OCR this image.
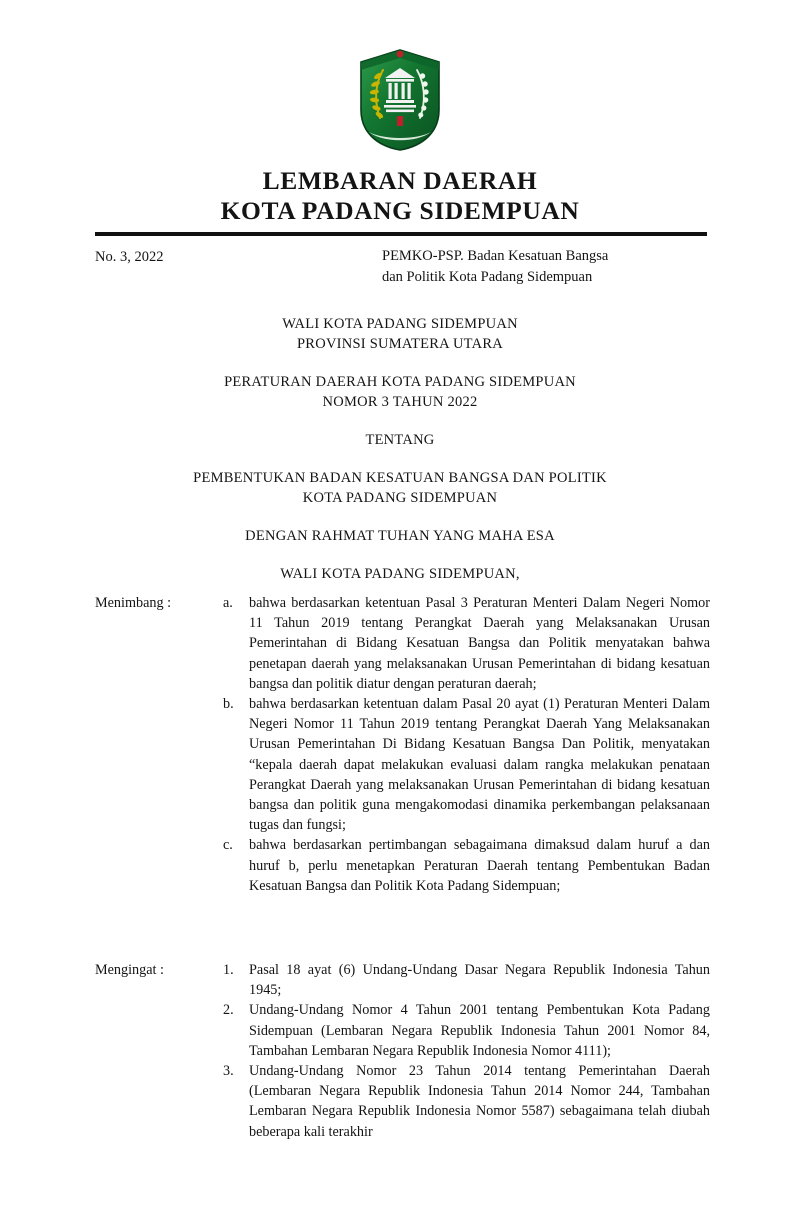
LEMBARAN DAERAH
KOTA PADANG SIDEMPUAN
No. 3, 2022	PEMKO-PSP. Badan Kesatuan Bangsa
dan Politik Kota Padang Sidempuan
WALI KOTA PADANG SIDEMPUAN
PROVINSI SUMATERA UTARA
PERATURAN DAERAH KOTA PADANG SIDEMPUAN
NOMOR 3 TAHUN 2022
TENTANG
PEMBENTUKAN BADAN KESATUAN BANGSA DAN POLITIK
KOTA PADANG SIDEMPUAN
DENGAN RAHMAT TUHAN YANG MAHA ESA
WALI KOTA PADANG SIDEMPUAN,
Menimbang :	a.	bahwa berdasarkan ketentuan Pasal 3 Peraturan Menteri Dalam Negeri Nomor 11 Tahun 2019 tentang Perangkat Daerah yang Melaksanakan Urusan Pemerintahan di Bidang Kesatuan Bangsa dan Politik menyatakan bahwa penetapan daerah yang melaksanakan Urusan Pemerintahan di bidang kesatuan bangsa dan politik diatur dengan peraturan daerah;
b.	bahwa berdasarkan ketentuan dalam Pasal 20 ayat (1) Peraturan Menteri Dalam Negeri Nomor 11 Tahun 2019 tentang Perangkat Daerah Yang Melaksanakan Urusan Pemerintahan Di Bidang Kesatuan Bangsa Dan Politik, menyatakan “kepala daerah dapat melakukan evaluasi dalam rangka melakukan penataan Perangkat Daerah yang melaksanakan Urusan Pemerintahan di bidang kesatuan bangsa dan politik guna mengakomodasi dinamika perkembangan pelaksanaan tugas dan fungsi;
c.	bahwa berdasarkan pertimbangan sebagaimana dimaksud dalam huruf a dan huruf b, perlu menetapkan Peraturan Daerah tentang Pembentukan Badan Kesatuan Bangsa dan Politik Kota Padang Sidempuan;
Mengingat :	1.	Pasal 18 ayat (6) Undang-Undang Dasar Negara Republik Indonesia Tahun 1945;
2.	Undang-Undang Nomor 4 Tahun 2001 tentang Pembentukan Kota Padang Sidempuan (Lembaran Negara Republik Indonesia Tahun 2001 Nomor 84, Tambahan Lembaran Negara Republik Indonesia Nomor 4111);
3.	Undang-Undang Nomor 23 Tahun 2014 tentang Pemerintahan Daerah (Lembaran Negara Republik Indonesia Tahun 2014 Nomor 244, Tambahan Lembaran Negara Republik Indonesia Nomor 5587) sebagaimana telah diubah beberapa kali terakhir
